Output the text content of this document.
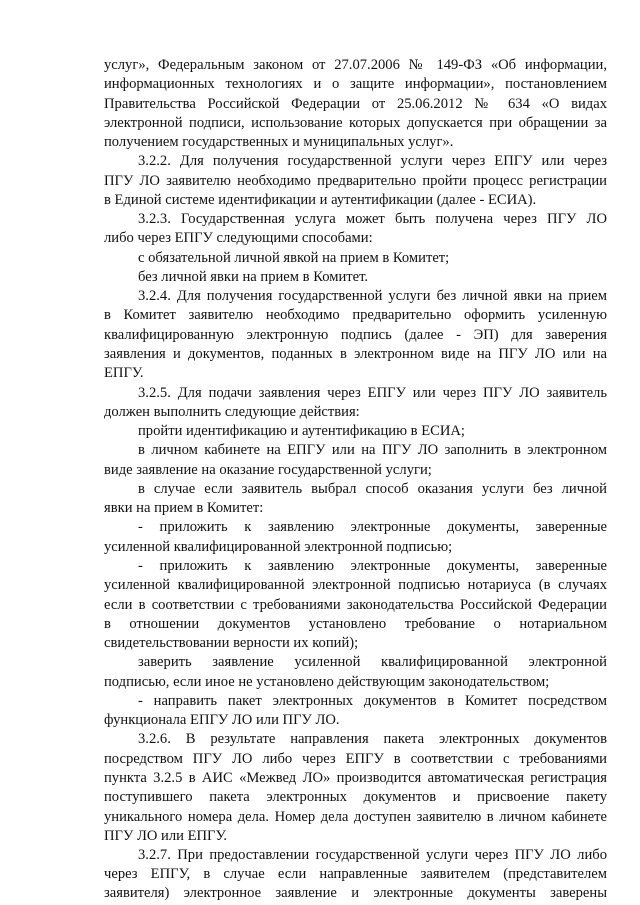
услуг», Федеральным законом от 27.07.2006 № 149-ФЗ «Об информации,
информационных технологиях и о защите информации», постановлением
Правительства Российской Федерации от 25.06.2012 № 634 «О видах
электронной подписи, использование которых допускается при обращении за
получением государственных и муниципальных услуг».
3.2.2. Для получения государственной услуги через ЕПГУ или через
ПГУ ЛО заявителю необходимо предварительно пройти процесс регистрации
в Единой системе идентификации и аутентификации (далее - ЕСИА).
3.2.3. Государственная услуга может быть получена через ПГУ ЛО
либо через ЕПГУ следующими способами:
с обязательной личной явкой на прием в Комитет;
без личной явки на прием в Комитет.
3.2.4. Для получения государственной услуги без личной явки на прием
в Комитет заявителю необходимо предварительно оформить усиленную
квалифицированную электронную подпись (далее - ЭП) для заверения
заявления и документов, поданных в электронном виде на ПГУ ЛО или на
ЕПГУ.
3.2.5. Для подачи заявления через ЕПГУ или через ПГУ ЛО заявитель
должен выполнить следующие действия:
пройти идентификацию и аутентификацию в ЕСИА;
в личном кабинете на ЕПГУ или на ПГУ ЛО заполнить в электронном
виде заявление на оказание государственной услуги;
в случае если заявитель выбрал способ оказания услуги без личной
явки на прием в Комитет:
- приложить к заявлению электронные документы, заверенные
усиленной квалифицированной электронной подписью;
- приложить к заявлению электронные документы, заверенные
усиленной квалифицированной электронной подписью нотариуса (в случаях
если в соответствии с требованиями законодательства Российской Федерации
в отношении документов установлено требование о нотариальном
свидетельствовании верности их копий);
заверить заявление усиленной квалифицированной электронной
подписью, если иное не установлено действующим законодательством;
- направить пакет электронных документов в Комитет посредством
функционала ЕПГУ ЛО или ПГУ ЛО.
3.2.6. В результате направления пакета электронных документов
посредством ПГУ ЛО либо через ЕПГУ в соответствии с требованиями
пункта 3.2.5 в АИС «Межвед ЛО» производится автоматическая регистрация
поступившего пакета электронных документов и присвоение пакету
уникального номера дела. Номер дела доступен заявителю в личном кабинете
ПГУ ЛО или ЕПГУ.
3.2.7. При предоставлении государственной услуги через ПГУ ЛО либо
через ЕПГУ, в случае если направленные заявителем (представителем
заявителя) электронное заявление и электронные документы заверены
